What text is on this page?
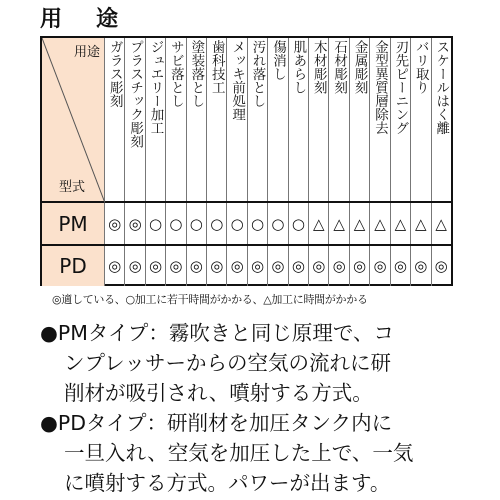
用　途
用途
型式
ガラス彫刻 プラスチック彫刻 ジュエリー加工 サビ落とし 塗装落とし 歯科技工 メッキ前処理 汚れ落とし 傷消し 肌あらし 木材彫刻 石材彫刻 金属彫刻 金型異質層除去 刃先ピーニング バリ取り スケールはく離
PM	◎ ◎ ○ ○ ○ ○ ○ ○ ○ ○ △ △ △ △ △ △ △
PD	◎ ◎ ◎ ◎ ◎ ◎ ◎ ◎ ◎ ◎ ◎ ◎ ◎ ◎ ◎ ◎ ◎
◎適している、○加工に若干時間がかかる、△加工に時間がかかる
●PMタイプ：霧吹きと同じ原理で、コ
ンプレッサーからの空気の流れに研
削材が吸引され、噴射する方式。
●PDタイプ：研削材を加圧タンク内に
一旦入れ、空気を加圧した上で、一気
に噴射する方式。パワーが出ます。
